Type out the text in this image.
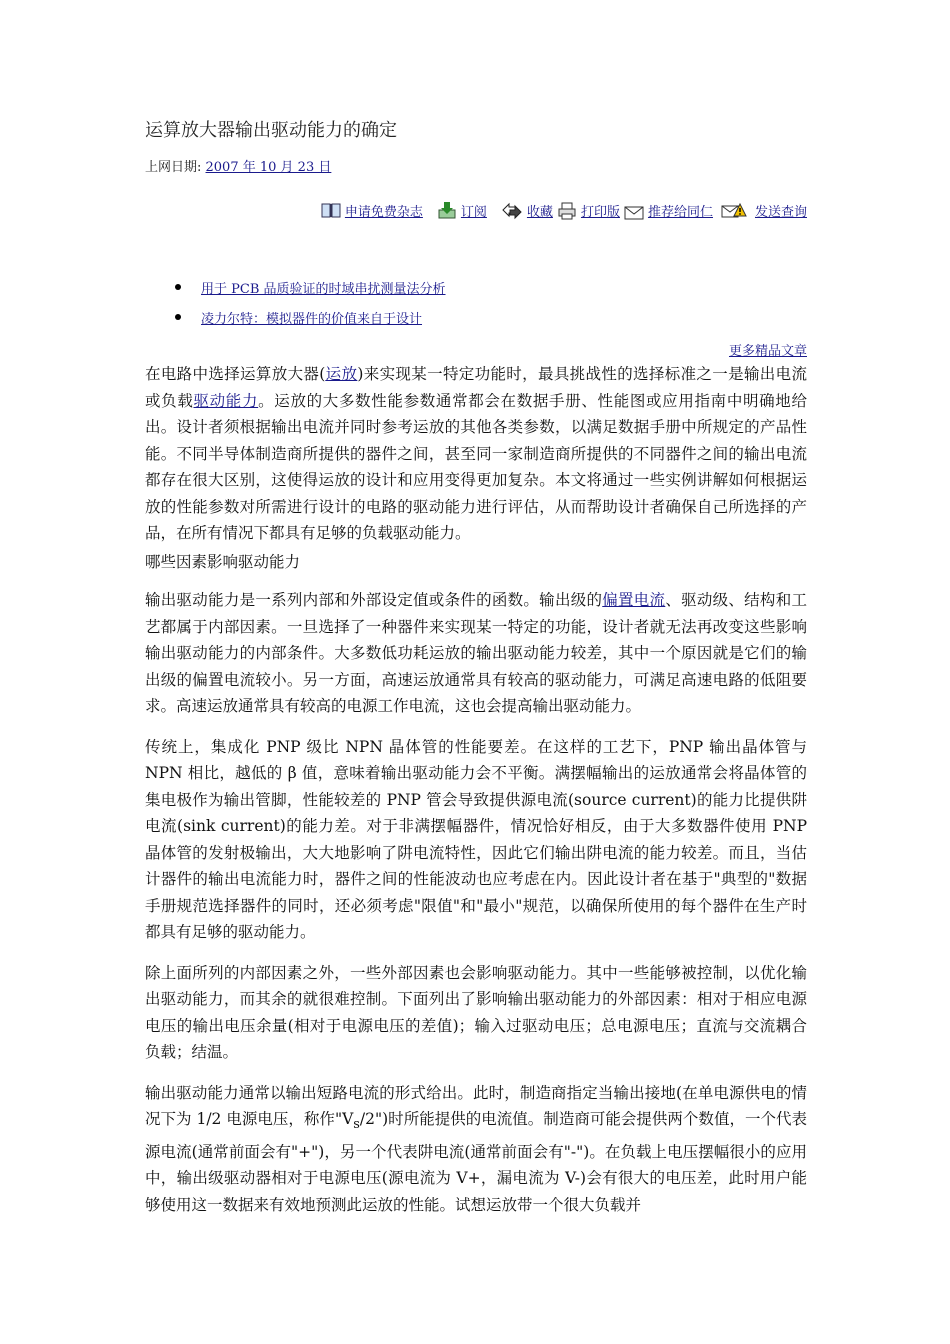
运算放大器输出驱动能力的确定
上网日期: 2007 年 10 月 23 日
申请免费杂志	订阅	收藏 打印版 推荐给同仁	发送查询
用于 PCB 品质验证的时域串扰测量法分析
凌力尔特：模拟器件的价值来自于设计
更多精品文章

在电路中选择运算放大器(运放)来实现某一特定功能时，最具挑战性的选择标准之一是输出电流或负载驱动能力。运放的大多数性能参数通常都会在数据手册、性能图或应用指南中明确地给出。设计者须根据输出电流并同时参考运放的其他各类参数，以满足数据手册中所规定的产品性能。不同半导体制造商所提供的器件之间，甚至同一家制造商所提供的不同器件之间的输出电流都存在很大区别，这使得运放的设计和应用变得更加复杂。本文将通过一些实例讲解如何根据运放的性能参数对所需进行设计的电路的驱动能力进行评估，从而帮助设计者确保自己所选择的产品，在所有情况下都具有足够的负载驱动能力。

哪些因素影响驱动能力

输出驱动能力是一系列内部和外部设定值或条件的函数。输出级的偏置电流、驱动级、结构和工艺都属于内部因素。一旦选择了一种器件来实现某一特定的功能，设计者就无法再改变这些影响输出驱动能力的内部条件。大多数低功耗运放的输出驱动能力较差，其中一个原因就是它们的输出级的偏置电流较小。另一方面，高速运放通常具有较高的驱动能力，可满足高速电路的低阻要求。高速运放通常具有较高的电源工作电流，这也会提高输出驱动能力。

传统上，集成化 PNP 级比 NPN 晶体管的性能要差。在这样的工艺下，PNP 输出晶体管与 NPN 相比，越低的 β 值，意味着输出驱动能力会不平衡。满摆幅输出的运放通常会将晶体管的集电极作为输出管脚，性能较差的 PNP 管会导致提供源电流(source current)的能力比提供阱电流(sink current)的能力差。对于非满摆幅器件，情况恰好相反，由于大多数器件使用 PNP 晶体管的发射极输出，大大地影响了阱电流特性，因此它们输出阱电流的能力较差。而且，当估计器件的输出电流能力时，器件之间的性能波动也应考虑在内。因此设计者在基于"典型的"数据手册规范选择器件的同时，还必须考虑"限值"和"最小"规范，以确保所使用的每个器件在生产时都具有足够的驱动能力。

除上面所列的内部因素之外，一些外部因素也会影响驱动能力。其中一些能够被控制，以优化输出驱动能力，而其余的就很难控制。下面列出了影响输出驱动能力的外部因素：相对于相应电源电压的输出电压余量(相对于电源电压的差值)；输入过驱动电压；总电源电压；直流与交流耦合负载；结温。

输出驱动能力通常以输出短路电流的形式给出。此时，制造商指定当输出接地(在单电源供电的情况下为 1/2 电源电压，称作"$V_s/2$")时所能提供的电流值。制造商可能会提供两个数值，一个代表源电流(通常前面会有"+")，另一个代表阱电流(通常前面会有"-")。在负载上电压摆幅很小的应用中，输出级驱动器相对于电源电压(源电流为 V+，漏电流为 V-)会有很大的电压差，此时用户能够使用这一数据来有效地预测此运放的性能。试想运放带一个很大负载并
